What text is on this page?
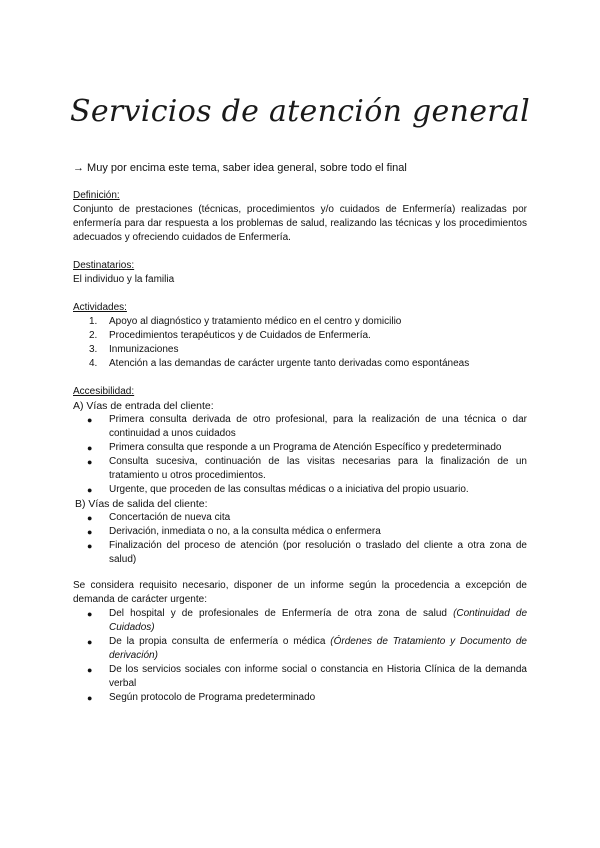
Servicios de atención general
→ Muy por encima este tema, saber idea general, sobre todo el final
Definición:
Conjunto de prestaciones (técnicas, procedimientos y/o cuidados de Enfermería) realizadas por enfermería para dar respuesta a los problemas de salud, realizando las técnicas y los procedimientos adecuados y ofreciendo cuidados de Enfermería.
Destinatarios:
El individuo y la familia
Actividades:
1. Apoyo al diagnóstico y tratamiento médico en el centro y domicilio
2. Procedimientos terapéuticos y de Cuidados de Enfermería.
3. Inmunizaciones
4. Atención a las demandas de carácter urgente tanto derivadas como espontáneas
Accesibilidad:
A) Vías de entrada del cliente:
● Primera consulta derivada de otro profesional, para la realización de una técnica o dar continuidad a unos cuidados
● Primera consulta que responde a un Programa de Atención Específico y predeterminado
● Consulta sucesiva, continuación de las visitas necesarias para la finalización de un tratamiento u otros procedimientos.
● Urgente, que proceden de las consultas médicas o a iniciativa del propio usuario.
B) Vías de salida del cliente:
● Concertación de nueva cita
● Derivación, inmediata o no, a la consulta médica o enfermera
● Finalización del proceso de atención (por resolución o traslado del cliente a otra zona de salud)
Se considera requisito necesario, disponer de un informe según la procedencia a excepción de demanda de carácter urgente:
● Del hospital y de profesionales de Enfermería de otra zona de salud (Continuidad de Cuidados)
● De la propia consulta de enfermería o médica (Órdenes de Tratamiento y Documento de derivación)
● De los servicios sociales con informe social o constancia en Historia Clínica de la demanda verbal
● Según protocolo de Programa predeterminado
